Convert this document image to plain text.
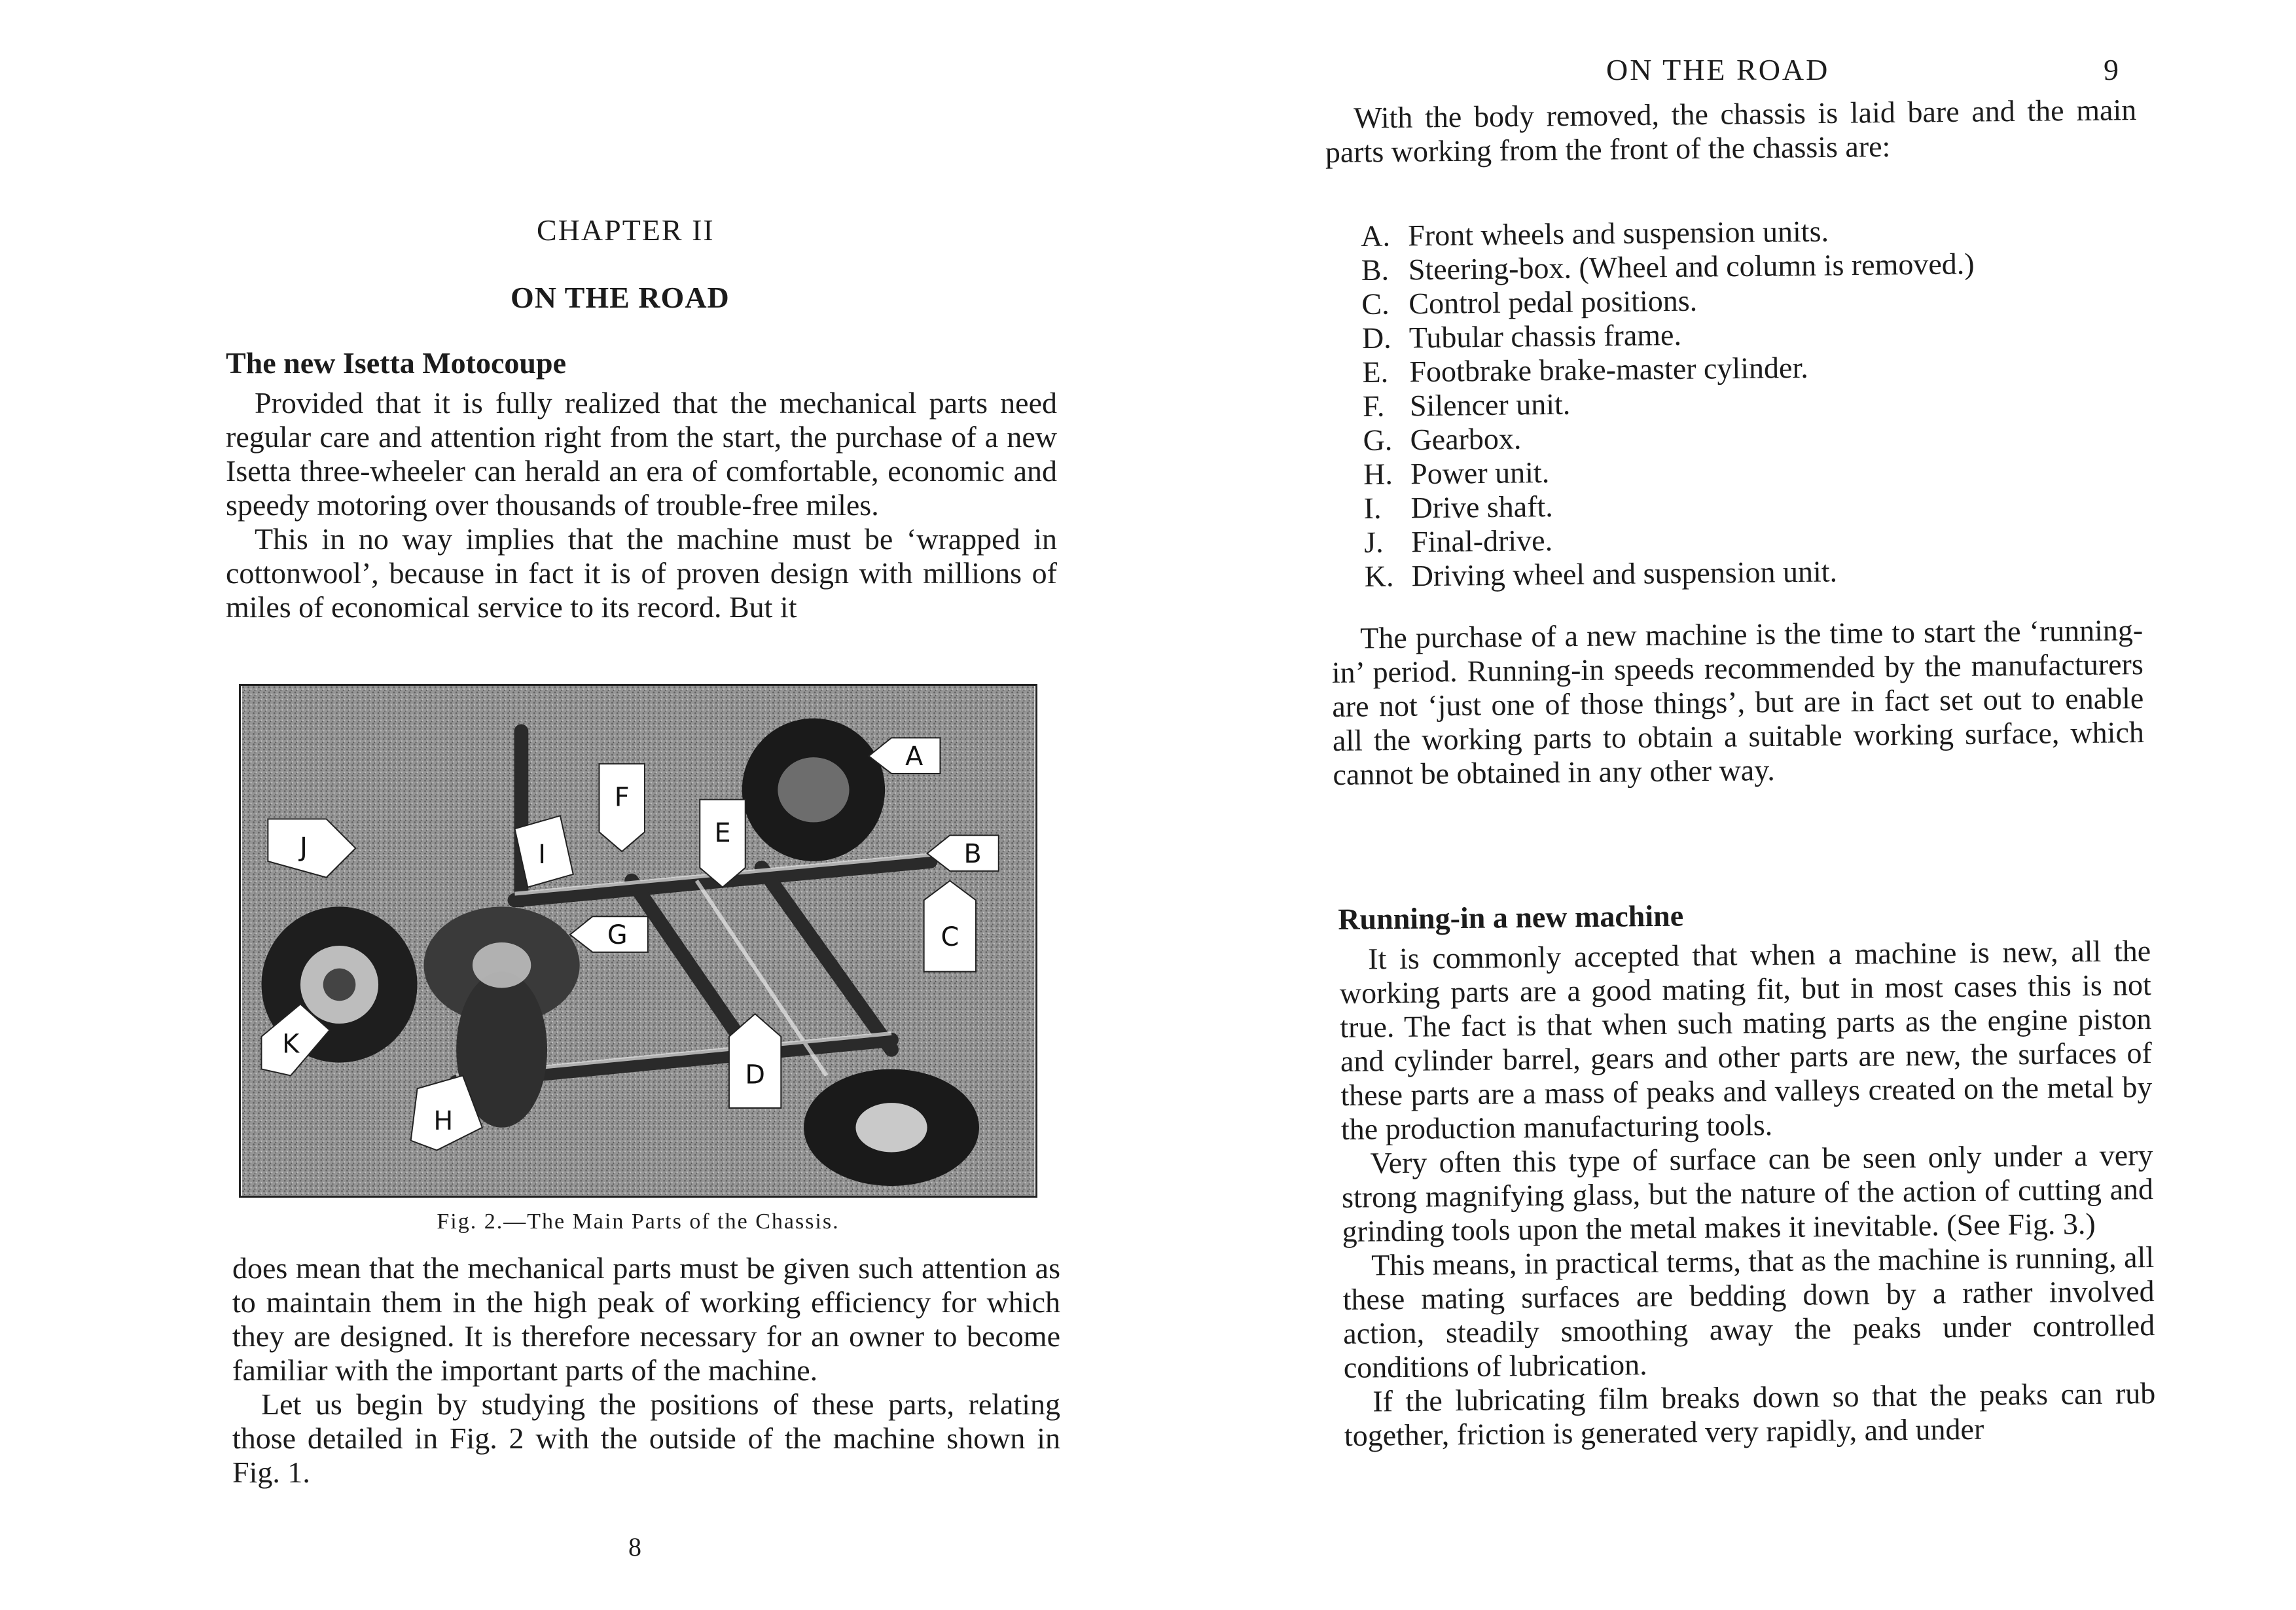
CHAPTER II
ON THE ROAD
The new Isetta Motocoupe

Provided that it is fully realized that the mechanical parts need regular care and attention right from the start, the purchase of a new Isetta three-wheeler can herald an era of comfortable, economic and speedy motoring over thousands of trouble-free miles.

This in no way implies that the machine must be ‘wrapped in cottonwool’, because in fact it is of proven design with millions of miles of economical service to its record. But it

A
B
C
D
E
F
G
H
I
J
K
Fig. 2.—The Main Parts of the Chassis.

does mean that the mechanical parts must be given such attention as to maintain them in the high peak of working efficiency for which they are designed. It is therefore necessary for an owner to become familiar with the important parts of the machine.

Let us begin by studying the positions of these parts, relating those detailed in Fig. 2 with the outside of the machine shown in Fig. 1.

8
ON THE ROAD	9

With the body removed, the chassis is laid bare and the main parts working from the front of the chassis are:

A. Front wheels and suspension units.
B. Steering-box. (Wheel and column is removed.)
C. Control pedal positions.
D. Tubular chassis frame.
E. Footbrake brake-master cylinder.
F. Silencer unit.
G. Gearbox.
H. Power unit.
I. Drive shaft.
J. Final-drive.
K. Driving wheel and suspension unit.

The purchase of a new machine is the time to start the ‘running-in’ period. Running-in speeds recommended by the manufacturers are not ‘just one of those things’, but are in fact set out to enable all the working parts to obtain a suitable working surface, which cannot be obtained in any other way.

Running-in a new machine

It is commonly accepted that when a machine is new, all the working parts are a good mating fit, but in most cases this is not true. The fact is that when such mating parts as the engine piston and cylinder barrel, gears and other parts are new, the surfaces of these parts are a mass of peaks and valleys created on the metal by the production manufacturing tools.

Very often this type of surface can be seen only under a very strong magnifying glass, but the nature of the action of cutting and grinding tools upon the metal makes it inevitable. (See Fig. 3.)

This means, in practical terms, that as the machine is running, all these mating surfaces are bedding down by a rather involved action, steadily smoothing away the peaks under controlled conditions of lubrication.

If the lubricating film breaks down so that the peaks can rub together, friction is generated very rapidly, and under
